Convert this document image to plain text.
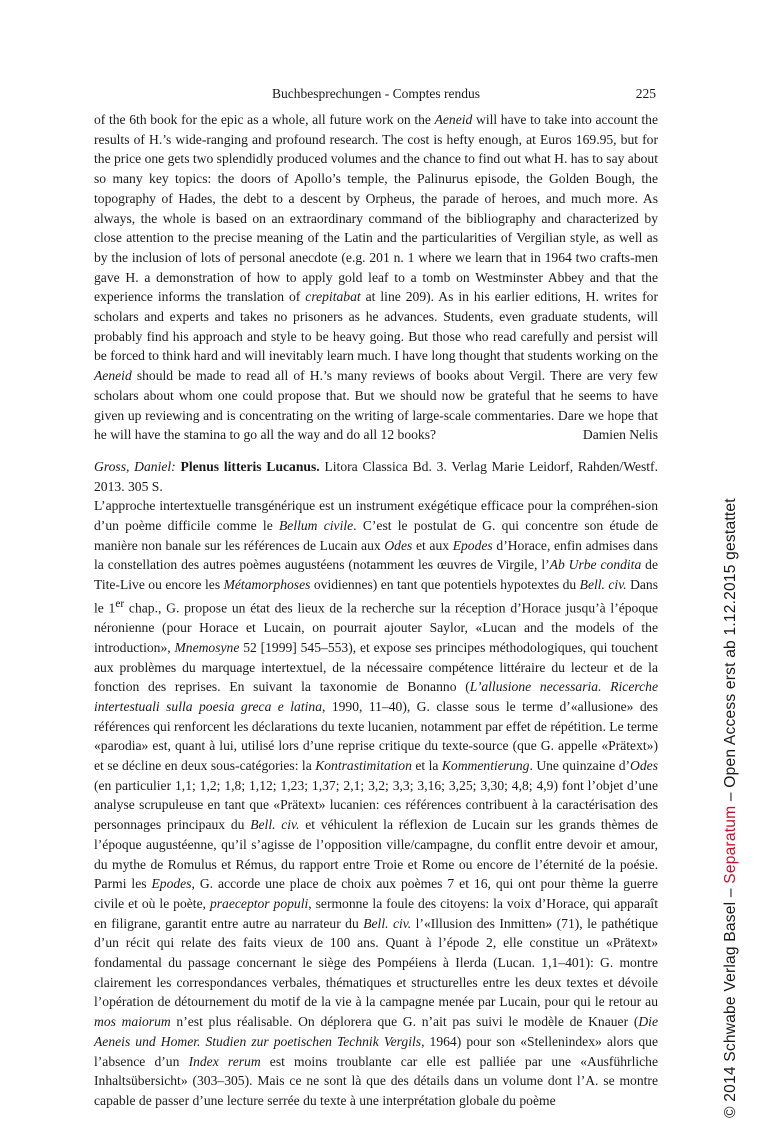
Buchbesprechungen - Comptes rendus	225

of the 6th book for the epic as a whole, all future work on the Aeneid will have to take into account the results of H.’s wide-ranging and profound research. The cost is hefty enough, at Euros 169.95, but for the price one gets two splendidly produced volumes and the chance to find out what H. has to say about so many key topics: the doors of Apollo’s temple, the Palinurus episode, the Golden Bough, the topography of Hades, the debt to a descent by Orpheus, the parade of heroes, and much more. As always, the whole is based on an extraordinary command of the bibliography and characterized by close attention to the precise meaning of the Latin and the particularities of Vergilian style, as well as by the inclusion of lots of personal anecdote (e.g. 201 n. 1 where we learn that in 1964 two crafts-men gave H. a demonstration of how to apply gold leaf to a tomb on Westminster Abbey and that the experience informs the translation of crepitabat at line 209). As in his earlier editions, H. writes for scholars and experts and takes no prisoners as he advances. Students, even graduate students, will probably find his approach and style to be heavy going. But those who read carefully and persist will be forced to think hard and will inevitably learn much. I have long thought that students working on the Aeneid should be made to read all of H.’s many reviews of books about Vergil. There are very few scholars about whom one could propose that. But we should now be grateful that he seems to have given up reviewing and is concentrating on the writing of large-scale commentaries. Dare we hope that he will have the stamina to go all the way and do all 12 books?	Damien Nelis

Gross, Daniel: Plenus litteris Lucanus. Litora Classica Bd. 3. Verlag Marie Leidorf, Rahden/Westf. 2013. 305 S.

L’approche intertextuelle transgénérique est un instrument exégétique efficace pour la compréhen-sion d’un poème difficile comme le Bellum civile. C’est le postulat de G. qui concentre son étude de manière non banale sur les références de Lucain aux Odes et aux Epodes d’Horace, enfin admises dans la constellation des autres poèmes augustéens (notamment les œuvres de Virgile, l’Ab Urbe condita de Tite-Live ou encore les Métamorphoses ovidiennes) en tant que potentiels hypotextes du Bell. civ. Dans le 1er chap., G. propose un état des lieux de la recherche sur la réception d’Horace jusqu’à l’époque néronienne (pour Horace et Lucain, on pourrait ajouter Saylor, «Lucan and the models of the introduction», Mnemosyne 52 [1999] 545–553), et expose ses principes méthodologiques, qui touchent aux problèmes du marquage intertextuel, de la nécessaire compétence littéraire du lecteur et de la fonction des reprises. En suivant la taxonomie de Bonanno (L’allusione necessaria. Ricerche intertestuali sulla poesia greca e latina, 1990, 11–40), G. classe sous le terme d’«allusione» des références qui renforcent les déclarations du texte lucanien, notamment par effet de répétition. Le terme «parodia» est, quant à lui, utilisé lors d’une reprise critique du texte-source (que G. appelle «Prätext») et se décline en deux sous-catégories: la Kontrastimitation et la Kommentierung. Une quinzaine d’Odes (en particulier 1,1; 1,2; 1,8; 1,12; 1,23; 1,37; 2,1; 3,2; 3,3; 3,16; 3,25; 3,30; 4,8; 4,9) font l’objet d’une analyse scrupuleuse en tant que «Prätext» lucanien: ces références contribuent à la caractérisation des personnages principaux du Bell. civ. et véhiculent la réflexion de Lucain sur les grands thèmes de l’époque augustéenne, qu’il s’agisse de l’opposition ville/campagne, du conflit entre devoir et amour, du mythe de Romulus et Rémus, du rapport entre Troie et Rome ou encore de l’éternité de la poésie. Parmi les Epodes, G. accorde une place de choix aux poèmes 7 et 16, qui ont pour thème la guerre civile et où le poète, praeceptor populi, sermonne la foule des citoyens: la voix d’Horace, qui apparaît en filigrane, garantit entre autre au narrateur du Bell. civ. l’«Illusion des Inmitten» (71), le pathétique d’un récit qui relate des faits vieux de 100 ans. Quant à l’épode 2, elle constitue un «Prätext» fondamental du passage concernant le siège des Pompéiens à Ilerda (Lucan. 1,1–401): G. montre clairement les correspondances verbales, thématiques et structurelles entre les deux textes et dévoile l’opération de détournement du motif de la vie à la campagne menée par Lucain, pour qui le retour au mos maiorum n’est plus réalisable. On déplorera que G. n’ait pas suivi le modèle de Knauer (Die Aeneis und Homer. Studien zur poetischen Technik Vergils, 1964) pour son «Stellenindex» alors que l’absence d’un Index rerum est moins troublante car elle est palliée par une «Ausführliche Inhaltsübersicht» (303–305). Mais ce ne sont là que des détails dans un volume dont l’A. se montre capable de passer d’une lecture serrée du texte à une interprétation globale du poème	© 2014 Schwabe Verlag Basel – Separatum – Open Access erst ab 1.12.2015 gestattet
